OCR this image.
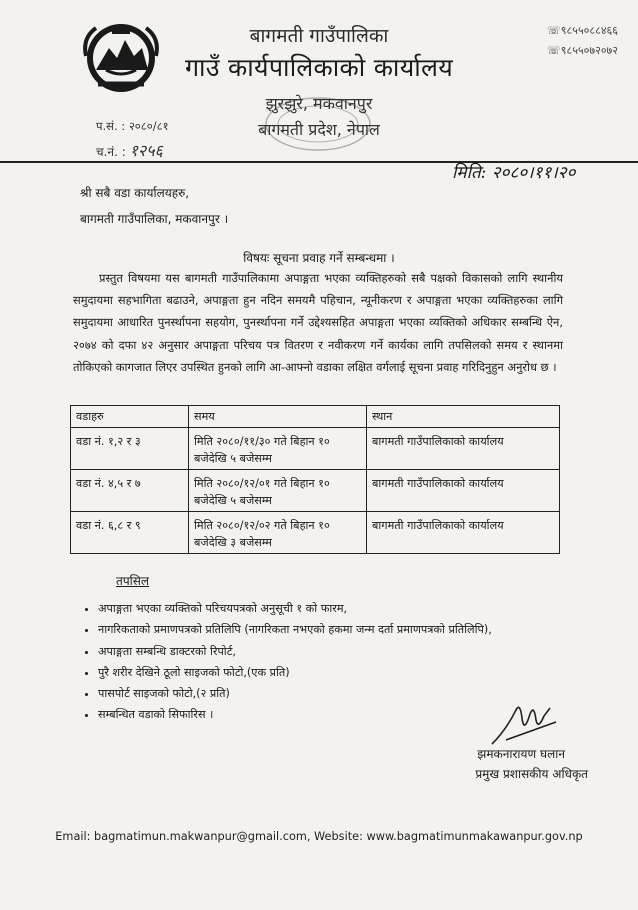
बागमती गाउँपालिका
गाउँ कार्यपालिकाको कार्यालय
झुरझुरे, मकवानपुर
बागमती प्रदेश, नेपाल
☏९८५५०८८४६६
☏९८५५०७२०७२
प.सं. : २०८०/८१
च.नं. : १२५६
मिति: २०८०।११।२०
श्री सबै वडा कार्यालयहरु,
बागमती गाउँपालिका, मकवानपुर ।
विषयः सूचना प्रवाह गर्ने सम्बन्धमा ।

प्रस्तुत विषयमा यस बागमती गाउँपालिकामा अपाङ्गता भएका व्यक्तिहरुको सबै पक्षको विकासको लागि स्थानीय समुदायमा सहभागिता बढाउने, अपाङ्गता हुन नदिन समयमै पहिचान, न्यूनीकरण र अपाङ्गता भएका व्यक्तिहरुका लागि समुदायमा आधारित पुनर्स्थापना सहयोग, पुनर्स्थापना गर्ने उद्देश्यसहित अपाङ्गता भएका व्यक्तिको अधिकार सम्बन्धि ऐन, २०७४ को दफा ४२ अनुसार अपाङ्गता परिचय पत्र वितरण र नवीकरण गर्ने कार्यका लागि तपसिलको समय र स्थानमा तोकिएको कागजात लिएर उपस्थित हुनको लागि आ-आफ्नो वडाका लक्षित वर्गलाई सूचना प्रवाह गरिदिनुहुन अनुरोध छ ।

वडाहरु	समय	स्थान
वडा नं. १,२ र ३	मिति २०८०/११/३० गते बिहान १० बजेदेखि ५ बजेसम्म	बागमती गाउँपालिकाको कार्यालय
वडा नं. ४,५ र ७	मिति २०८०/१२/०१ गते बिहान १० बजेदेखि ५ बजेसम्म	बागमती गाउँपालिकाको कार्यालय
वडा नं. ६,८ र ९	मिति २०८०/१२/०२ गते बिहान १० बजेदेखि ३ बजेसम्म	बागमती गाउँपालिकाको कार्यालय
तपसिल
• अपाङ्गता भएका व्यक्तिको परिचयपत्रको अनुसूची १ को फारम,
• नागरिकताको प्रमाणपत्रको प्रतिलिपि (नागरिकता नभएको हकमा जन्म दर्ता प्रमाणपत्रको प्रतिलिपि),
• अपाङ्गता सम्बन्धि डाक्टरको रिपोर्ट,
• पुरै शरीर देखिने ठूलो साइजको फोटो,(एक प्रति)
• पासपोर्ट साइजको फोटो,(२ प्रति)
• सम्बन्धित वडाको सिफारिस ।
झमकनारायण घलान
प्रमुख प्रशासकीय अधिकृत
Email: bagmatimun.makwanpur@gmail.com, Website: www.bagmatimunmakawanpur.gov.np
